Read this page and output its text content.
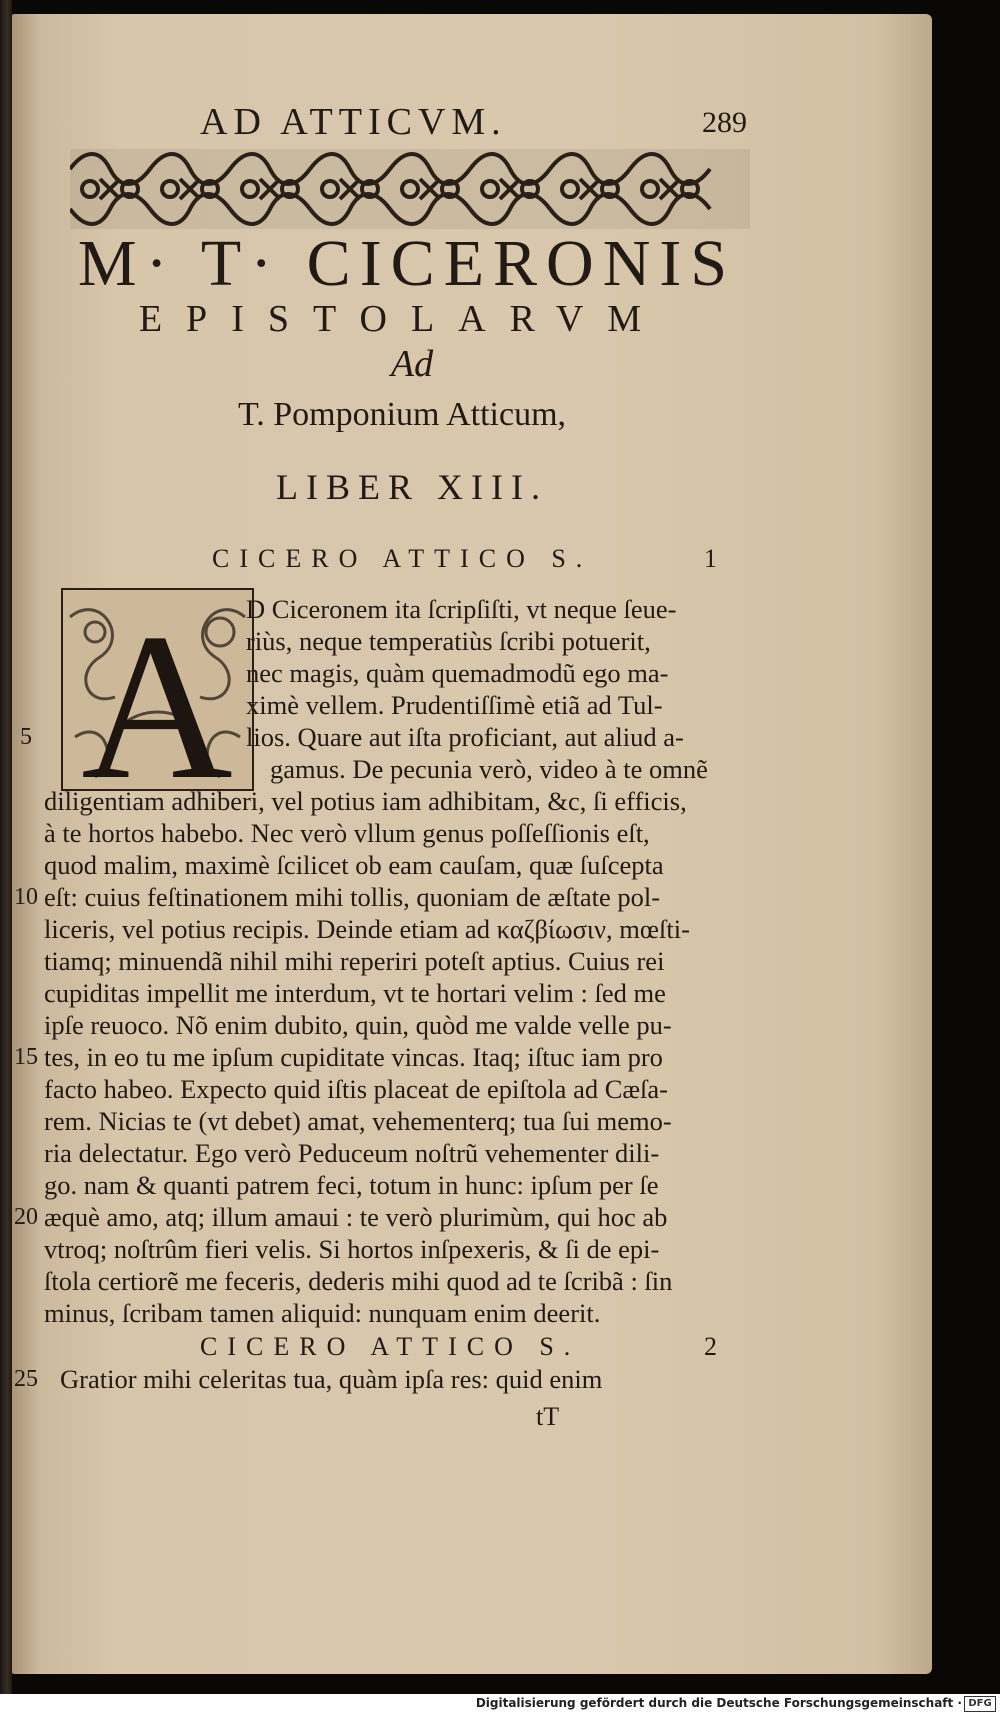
AD ATTICVM.	289
M· T· CICERONIS
EPISTOLARVM
Ad
T. Pomponium Atticum,
LIBER XIII.
CICERO ATTICO S.	1
A D Ciceronem ita ſcripſiſti, vt neque ſeue-
riùs, neque temperatiùs ſcribi potuerit,
nec magis, quàm quemadmodũ ego ma-
ximè vellem. Prudentiſſimè etiã ad Tul-
lios. Quare aut iſta proficiant, aut aliud a-
gamus. De pecunia verò, video à te omnẽ
diligentiam adhiberi, vel potius iam adhibitam, &c, ſi efficis,
à te hortos habebo. Nec verò vllum genus poſſeſſionis eſt,
quod malim, maximè ſcilicet ob eam cauſam, quæ ſuſcepta
eſt: cuius feſtinationem mihi tollis, quoniam de æſtate pol-
liceris, vel potius recipis. Deinde etiam ad καζβίωσιν, mœſti-
tiamq; minuendã nihil mihi reperiri poteſt aptius. Cuius rei
cupiditas impellit me interdum, vt te hortari velim : ſed me
ipſe reuoco. Nõ enim dubito, quin, quòd me valde velle pu-
tes, in eo tu me ipſum cupiditate vincas. Itaq; iſtuc iam pro
facto habeo. Expecto quid iſtis placeat de epiſtola ad Cæſa-
rem. Nicias te (vt debet) amat, vehementerq; tua ſui memo-
ria delectatur. Ego verò Peduceum noſtrũ vehementer dili-
go. nam & quanti patrem feci, totum in hunc: ipſum per ſe
æquè amo, atq; illum amaui : te verò plurimùm, qui hoc ab
vtroq; noſtrûm fieri velis. Si hortos inſpexeris, & ſi de epi-
ſtola certiorẽ me feceris, dederis mihi quod ad te ſcribã : ſin
minus, ſcribam tamen aliquid: nunquam enim deerit.
CICERO ATTICO S.	2
Gratior mihi celeritas tua, quàm ipſa res: quid enim
tT
5
10
15
20
25
Digitalisierung gefördert durch die Deutsche Forschungsgemeinschaft · DFG
